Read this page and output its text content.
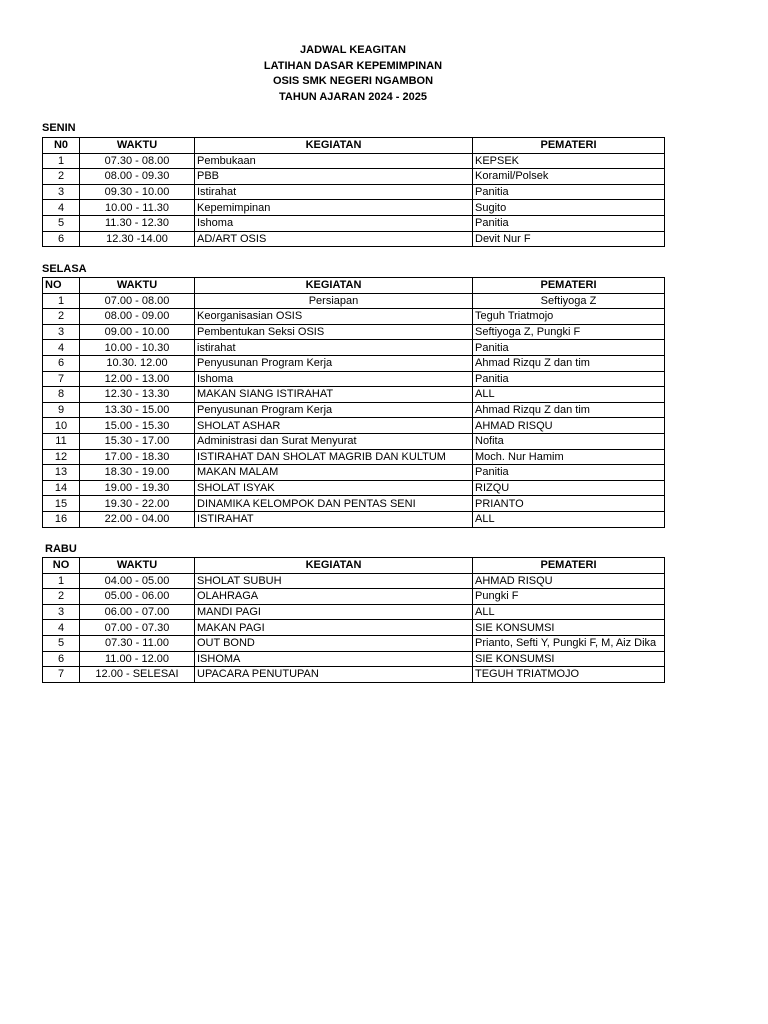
JADWAL KEAGITAN
LATIHAN DASAR KEPEMIMPINAN
OSIS SMK NEGERI NGAMBON
TAHUN AJARAN 2024 - 2025
SENIN
N0	WAKTU	KEGIATAN	PEMATERI
1	07.30 - 08.00	Pembukaan	KEPSEK
2	08.00 - 09.30	PBB	Koramil/Polsek
3	09.30 - 10.00	Istirahat	Panitia
4	10.00 - 11.30	Kepemimpinan	Sugito
5	11.30 - 12.30	Ishoma	Panitia
6	12.30 -14.00	AD/ART OSIS	Devit Nur F
SELASA
NO	WAKTU	KEGIATAN	PEMATERI
1	07.00 - 08.00	Persiapan	Seftiyoga Z
2	08.00 - 09.00	Keorganisasian OSIS	Teguh Triatmojo
3	09.00 - 10.00	Pembentukan Seksi OSIS	Seftiyoga Z, Pungki F
4	10.00 - 10.30	istirahat	Panitia
6	10.30. 12.00	Penyusunan Program Kerja	Ahmad Rizqu Z dan tim
7	12.00 - 13.00	Ishoma	Panitia
8	12.30 - 13.30	MAKAN SIANG ISTIRAHAT	ALL
9	13.30 - 15.00	Penyusunan Program Kerja	Ahmad Rizqu Z dan tim
10	15.00 - 15.30	SHOLAT ASHAR	AHMAD RISQU
11	15.30 - 17.00	Administrasi dan Surat Menyurat	Nofita
12	17.00 - 18.30	ISTIRAHAT DAN SHOLAT MAGRIB DAN KULTUM	Moch. Nur Hamim
13	18.30 - 19.00	MAKAN MALAM	Panitia
14	19.00 - 19.30	SHOLAT ISYAK	RIZQU
15	19.30 - 22.00	DINAMIKA KELOMPOK DAN PENTAS SENI	PRIANTO
16	22.00 - 04.00	ISTIRAHAT	ALL
RABU
NO	WAKTU	KEGIATAN	PEMATERI
1	04.00 - 05.00	SHOLAT SUBUH	AHMAD RISQU
2	05.00 - 06.00	OLAHRAGA	Pungki F
3	06.00 - 07.00	MANDI PAGI	ALL
4	07.00 - 07.30	MAKAN PAGI	SIE KONSUMSI
5	07.30 - 11.00	OUT BOND	Prianto, Sefti Y, Pungki F, M, Aiz Dika
6	11.00 - 12.00	ISHOMA	SIE KONSUMSI
7	12.00 - SELESAI	UPACARA PENUTUPAN	TEGUH TRIATMOJO
